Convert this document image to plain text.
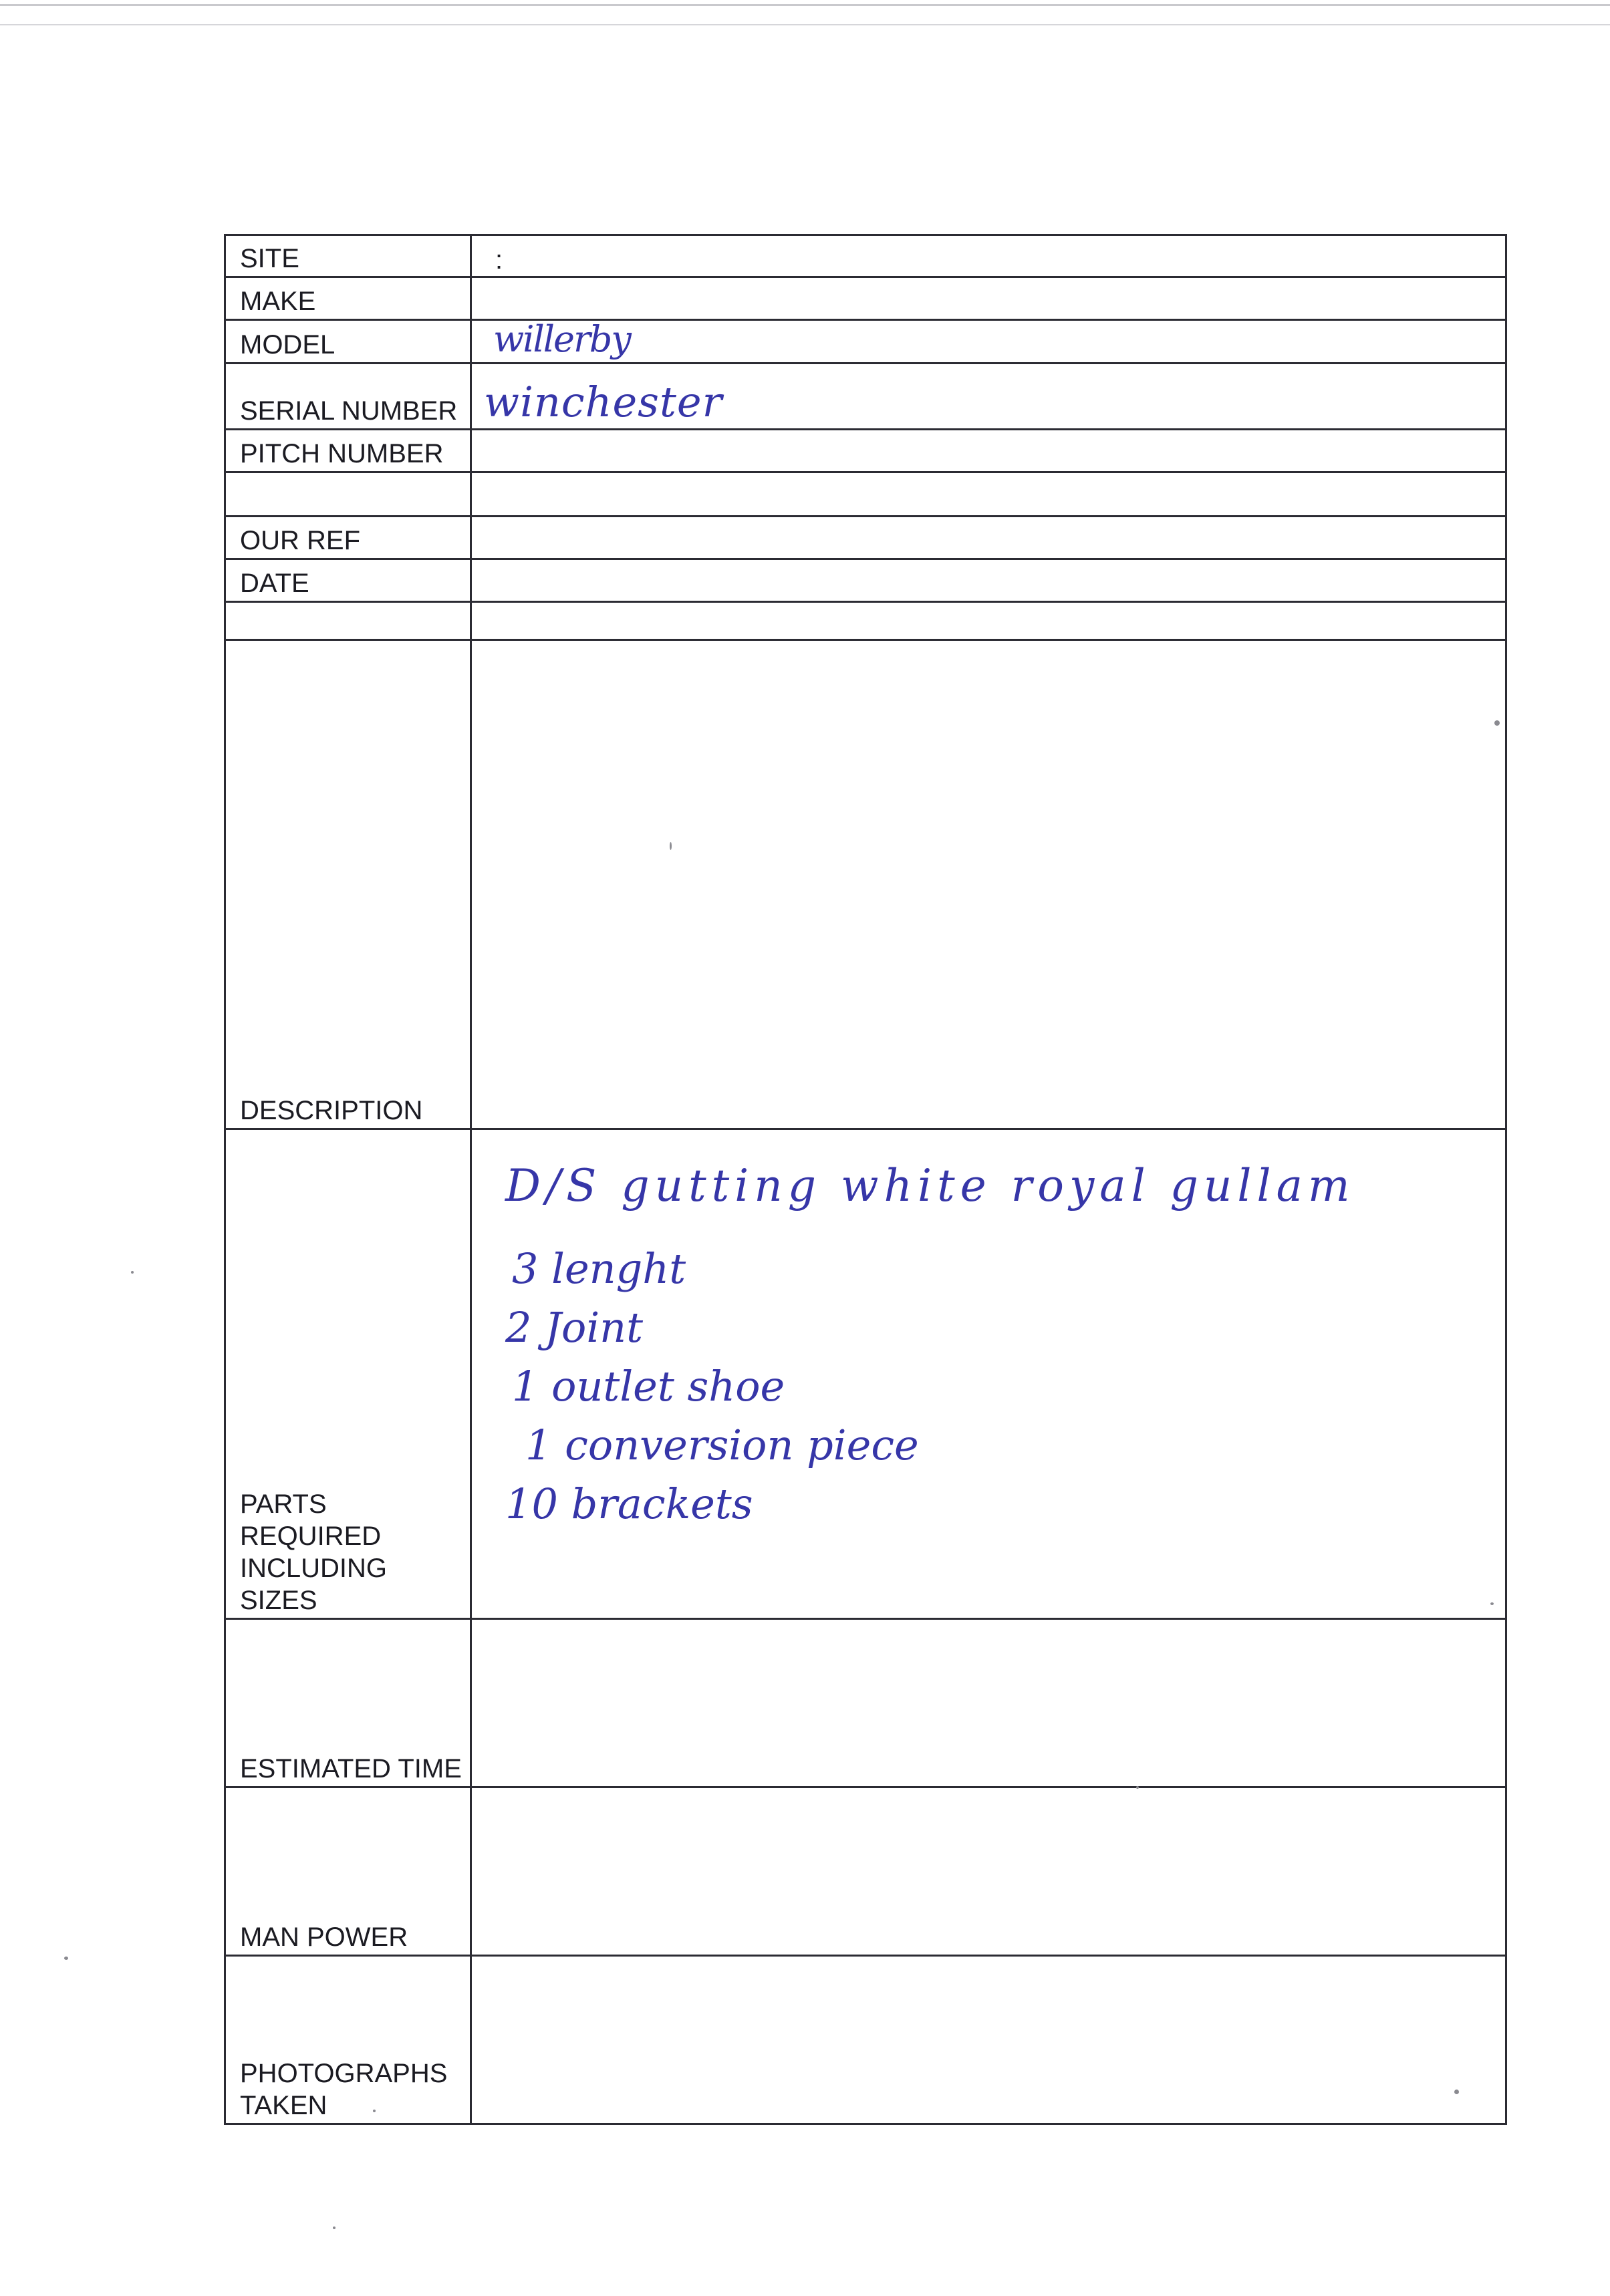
SITE	:
MAKE
MODEL	willerby
SERIAL NUMBER winchester
PITCH NUMBER
OUR REF
DATE
DESCRIPTION
PARTS REQUIRED INCLUDING SIZES
D/S gutting white royal gullam
3 lenght
2 Joint
1 outlet shoe
1 conversion piece
10 brackets
ESTIMATED TIME
MAN POWER
PHOTOGRAPHS TAKEN
